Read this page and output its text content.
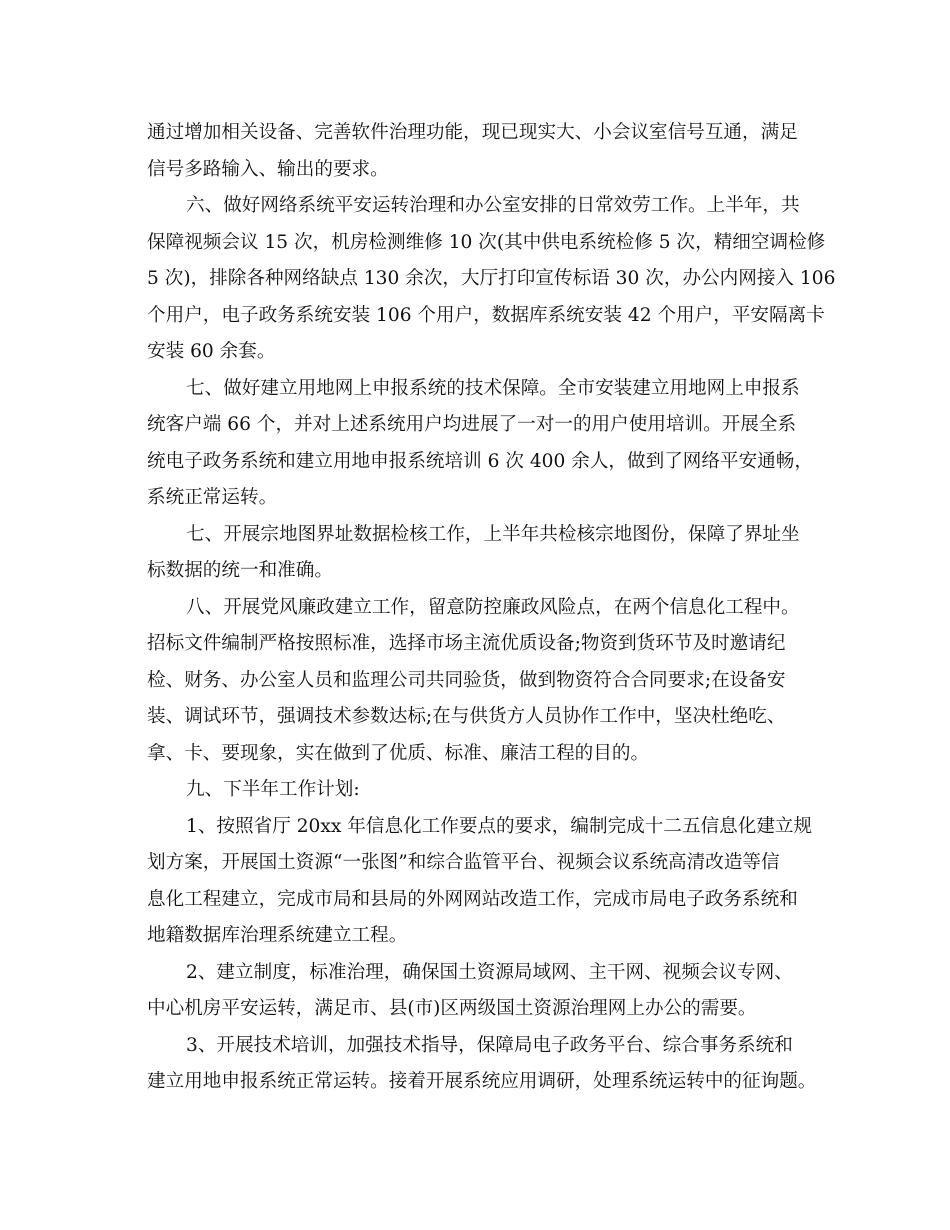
通过增加相关设备、完善软件治理功能，现已现实大、小会议室信号互通，满足
信号多路输入、输出的要求。
六、做好网络系统平安运转治理和办公室安排的日常效劳工作。上半年，共
保障视频会议 15 次，机房检测维修 10 次(其中供电系统检修 5 次，精细空调检修
5 次)，排除各种网络缺点 130 余次，大厅打印宣传标语 30 次，办公内网接入 106
个用户，电子政务系统安装 106 个用户，数据库系统安装 42 个用户，平安隔离卡
安装 60 余套。
七、做好建立用地网上申报系统的技术保障。全市安装建立用地网上申报系
统客户端 66 个，并对上述系统用户均进展了一对一的用户使用培训。开展全系
统电子政务系统和建立用地申报系统培训 6 次 400 余人，做到了网络平安通畅，
系统正常运转。
七、开展宗地图界址数据检核工作，上半年共检核宗地图份，保障了界址坐
标数据的统一和准确。
八、开展党风廉政建立工作，留意防控廉政风险点，在两个信息化工程中。
招标文件编制严格按照标准，选择市场主流优质设备;物资到货环节及时邀请纪
检、财务、办公室人员和监理公司共同验货，做到物资符合合同要求;在设备安
装、调试环节，强调技术参数达标;在与供货方人员协作工作中，坚决杜绝吃、
拿、卡、要现象，实在做到了优质、标准、廉洁工程的目的。
九、下半年工作计划:
1、按照省厅 20xx 年信息化工作要点的要求，编制完成十二五信息化建立规
划方案，开展国土资源“一张图”和综合监管平台、视频会议系统高清改造等信
息化工程建立，完成市局和县局的外网网站改造工作，完成市局电子政务系统和
地籍数据库治理系统建立工程。
2、建立制度，标准治理，确保国土资源局域网、主干网、视频会议专网、
中心机房平安运转，满足市、县(市)区两级国土资源治理网上办公的需要。
3、开展技术培训，加强技术指导，保障局电子政务平台、综合事务系统和
建立用地申报系统正常运转。接着开展系统应用调研，处理系统运转中的征询题。
